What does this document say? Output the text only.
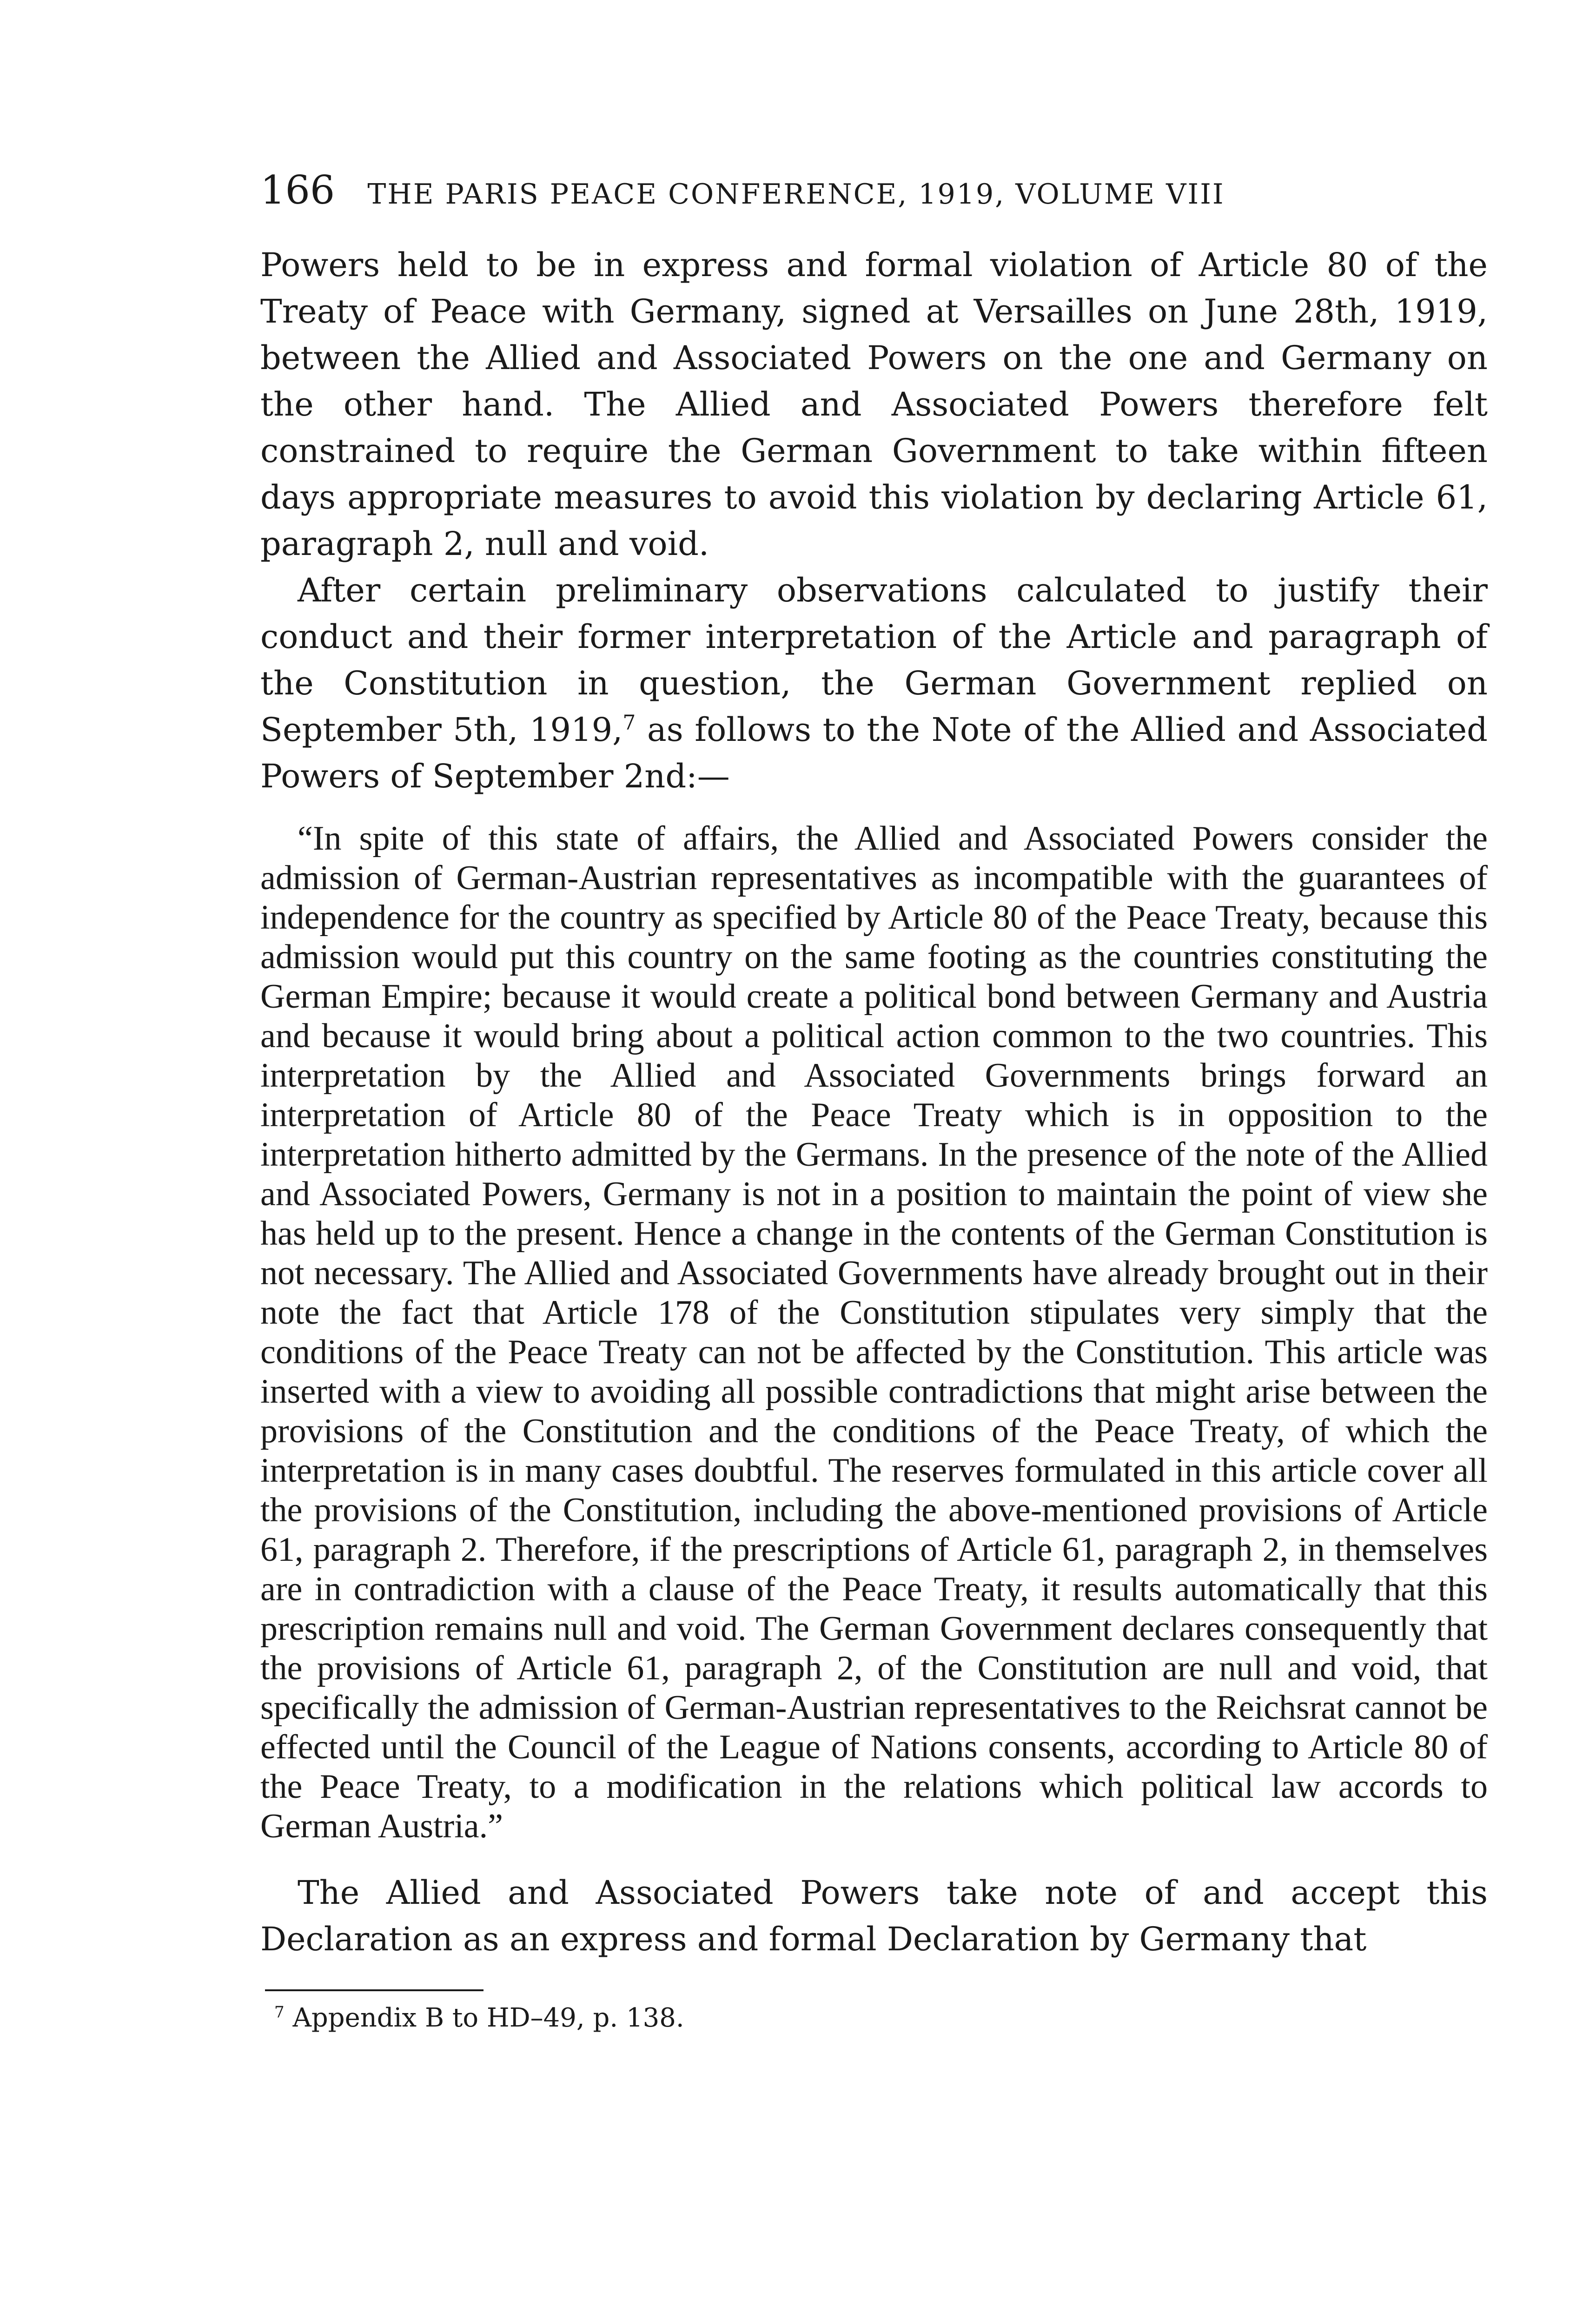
166 THE PARIS PEACE CONFERENCE, 1919, VOLUME VIII

Powers held to be in express and formal violation of Article 80 of the Treaty of Peace with Germany, signed at Versailles on June 28th, 1919, between the Allied and Associated Powers on the one and Germany on the other hand. The Allied and Associated Powers therefore felt constrained to require the German Government to take within fifteen days appropriate measures to avoid this violation by declaring Article 61, paragraph 2, null and void.

After certain preliminary observations calculated to justify their conduct and their former interpretation of the Article and paragraph of the Constitution in question, the German Government replied on September 5th, 1919,$^7$ as follows to the Note of the Allied and Associated Powers of September 2nd:—

“In spite of this state of affairs, the Allied and Associated Powers consider the admission of German-Austrian representatives as incompatible with the guarantees of independence for the country as specified by Article 80 of the Peace Treaty, because this admission would put this country on the same footing as the countries constituting the German Empire; because it would create a political bond between Germany and Austria and because it would bring about a political action common to the two countries. This interpretation by the Allied and Associated Governments brings forward an interpretation of Article 80 of the Peace Treaty which is in opposition to the interpretation hitherto admitted by the Germans. In the presence of the note of the Allied and Associated Powers, Germany is not in a position to maintain the point of view she has held up to the present. Hence a change in the contents of the German Constitution is not necessary. The Allied and Associated Governments have already brought out in their note the fact that Article 178 of the Constitution stipulates very simply that the conditions of the Peace Treaty can not be affected by the Constitution. This article was inserted with a view to avoiding all possible contradictions that might arise between the provisions of the Constitution and the conditions of the Peace Treaty, of which the interpretation is in many cases doubtful. The reserves formulated in this article cover all the provisions of the Constitution, including the above-mentioned provisions of Article 61, paragraph 2. Therefore, if the prescriptions of Article 61, paragraph 2, in themselves are in contradiction with a clause of the Peace Treaty, it results automatically that this prescription remains null and void. The German Government declares consequently that the provisions of Article 61, paragraph 2, of the Constitution are null and void, that specifically the admission of German-Austrian representatives to the Reichsrat cannot be effected until the Council of the League of Nations consents, according to Article 80 of the Peace Treaty, to a modification in the relations which political law accords to German Austria.”

The Allied and Associated Powers take note of and accept this Declaration as an express and formal Declaration by Germany that

$^7$ Appendix B to HD–49, p. 138.
